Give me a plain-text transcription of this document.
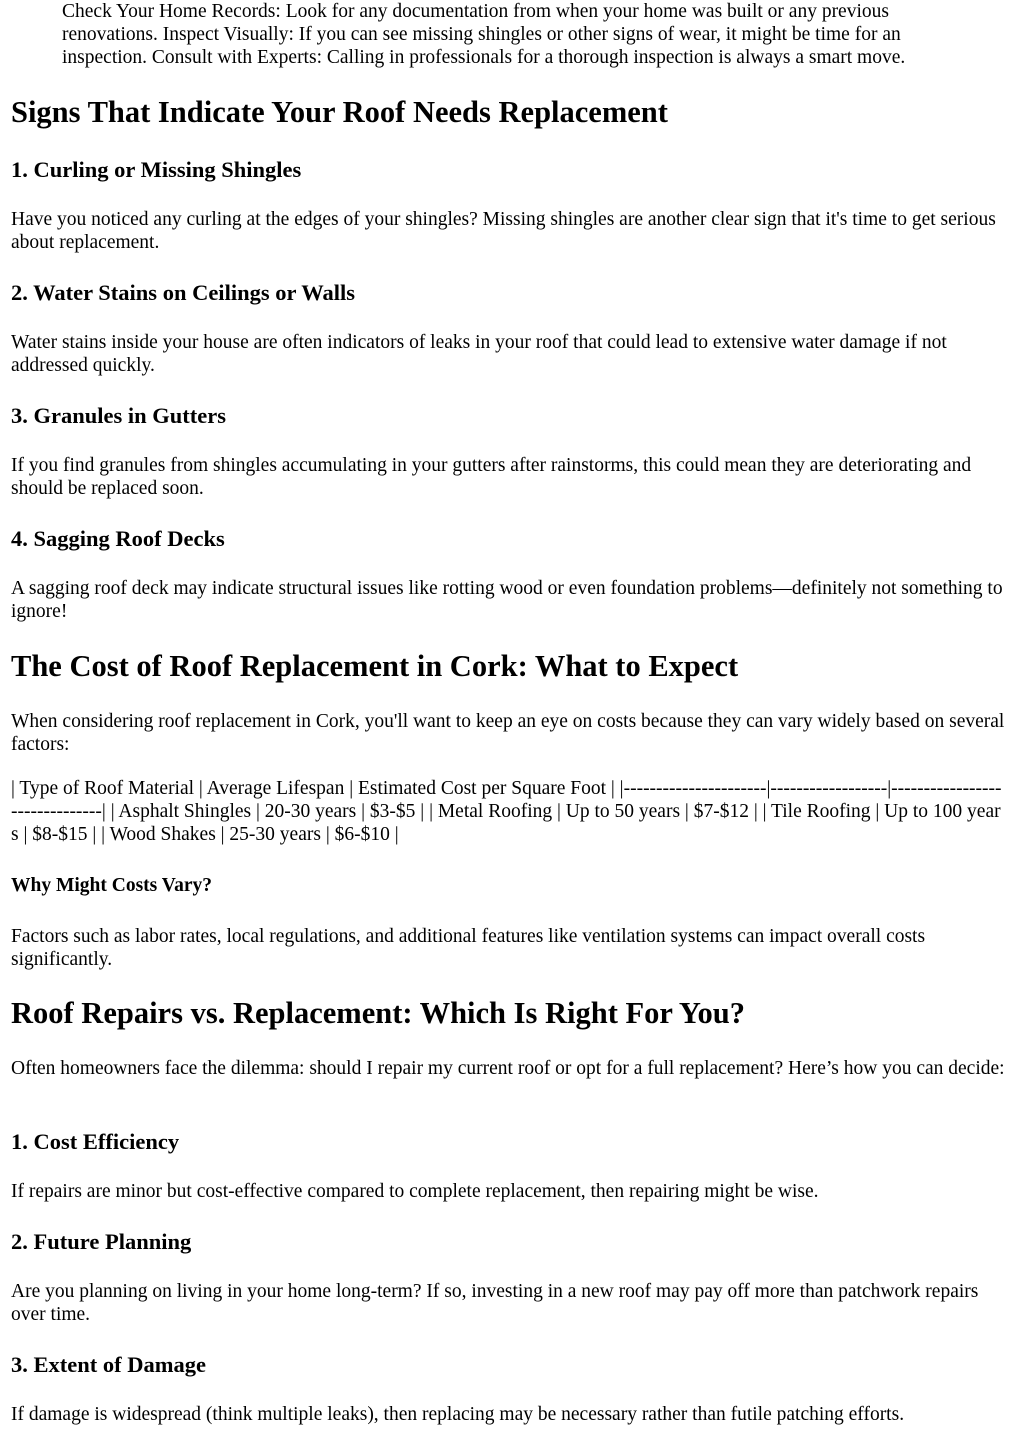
Check Your Home Records: Look for any documentation from when your home was built or any previous renovations. Inspect Visually: If you can see missing shingles or other signs of wear, it might be time for an inspection. Consult with Experts: Calling in professionals for a thorough inspection is always a smart move.

Signs That Indicate Your Roof Needs Replacement
1. Curling or Missing Shingles

Have you noticed any curling at the edges of your shingles? Missing shingles are another clear sign that it's time to get serious about replacement.

2. Water Stains on Ceilings or Walls

Water stains inside your house are often indicators of leaks in your roof that could lead to extensive water damage if not addressed quickly.

3. Granules in Gutters

If you find granules from shingles accumulating in your gutters after rainstorms, this could mean they are deteriorating and should be replaced soon.

4. Sagging Roof Decks

A sagging roof deck may indicate structural issues like rotting wood or even foundation problems—definitely not something to ignore!

The Cost of Roof Replacement in Cork: What to Expect

When considering roof replacement in Cork, you'll want to keep an eye on costs because they can vary widely based on several factors:

| Type of Roof Material | Average Lifespan | Estimated Cost per Square Foot | |----------------------|------------------|-------------------------------| | Asphalt Shingles | 20-30 years | $3-$5 | | Metal Roofing | Up to 50 years | $7-$12 | | Tile Roofing | Up to 100 years | $8-$15 | | Wood Shakes | 25-30 years | $6-$10 |

Why Might Costs Vary?

Factors such as labor rates, local regulations, and additional features like ventilation systems can impact overall costs significantly.

Roof Repairs vs. Replacement: Which Is Right For You?

Often homeowners face the dilemma: should I repair my current roof or opt for a full replacement? Here’s how you can decide:

1. Cost Efficiency

If repairs are minor but cost-effective compared to complete replacement, then repairing might be wise.

2. Future Planning

Are you planning on living in your home long-term? If so, investing in a new roof may pay off more than patchwork repairs over time.

3. Extent of Damage

If damage is widespread (think multiple leaks), then replacing may be necessary rather than futile patching efforts.
